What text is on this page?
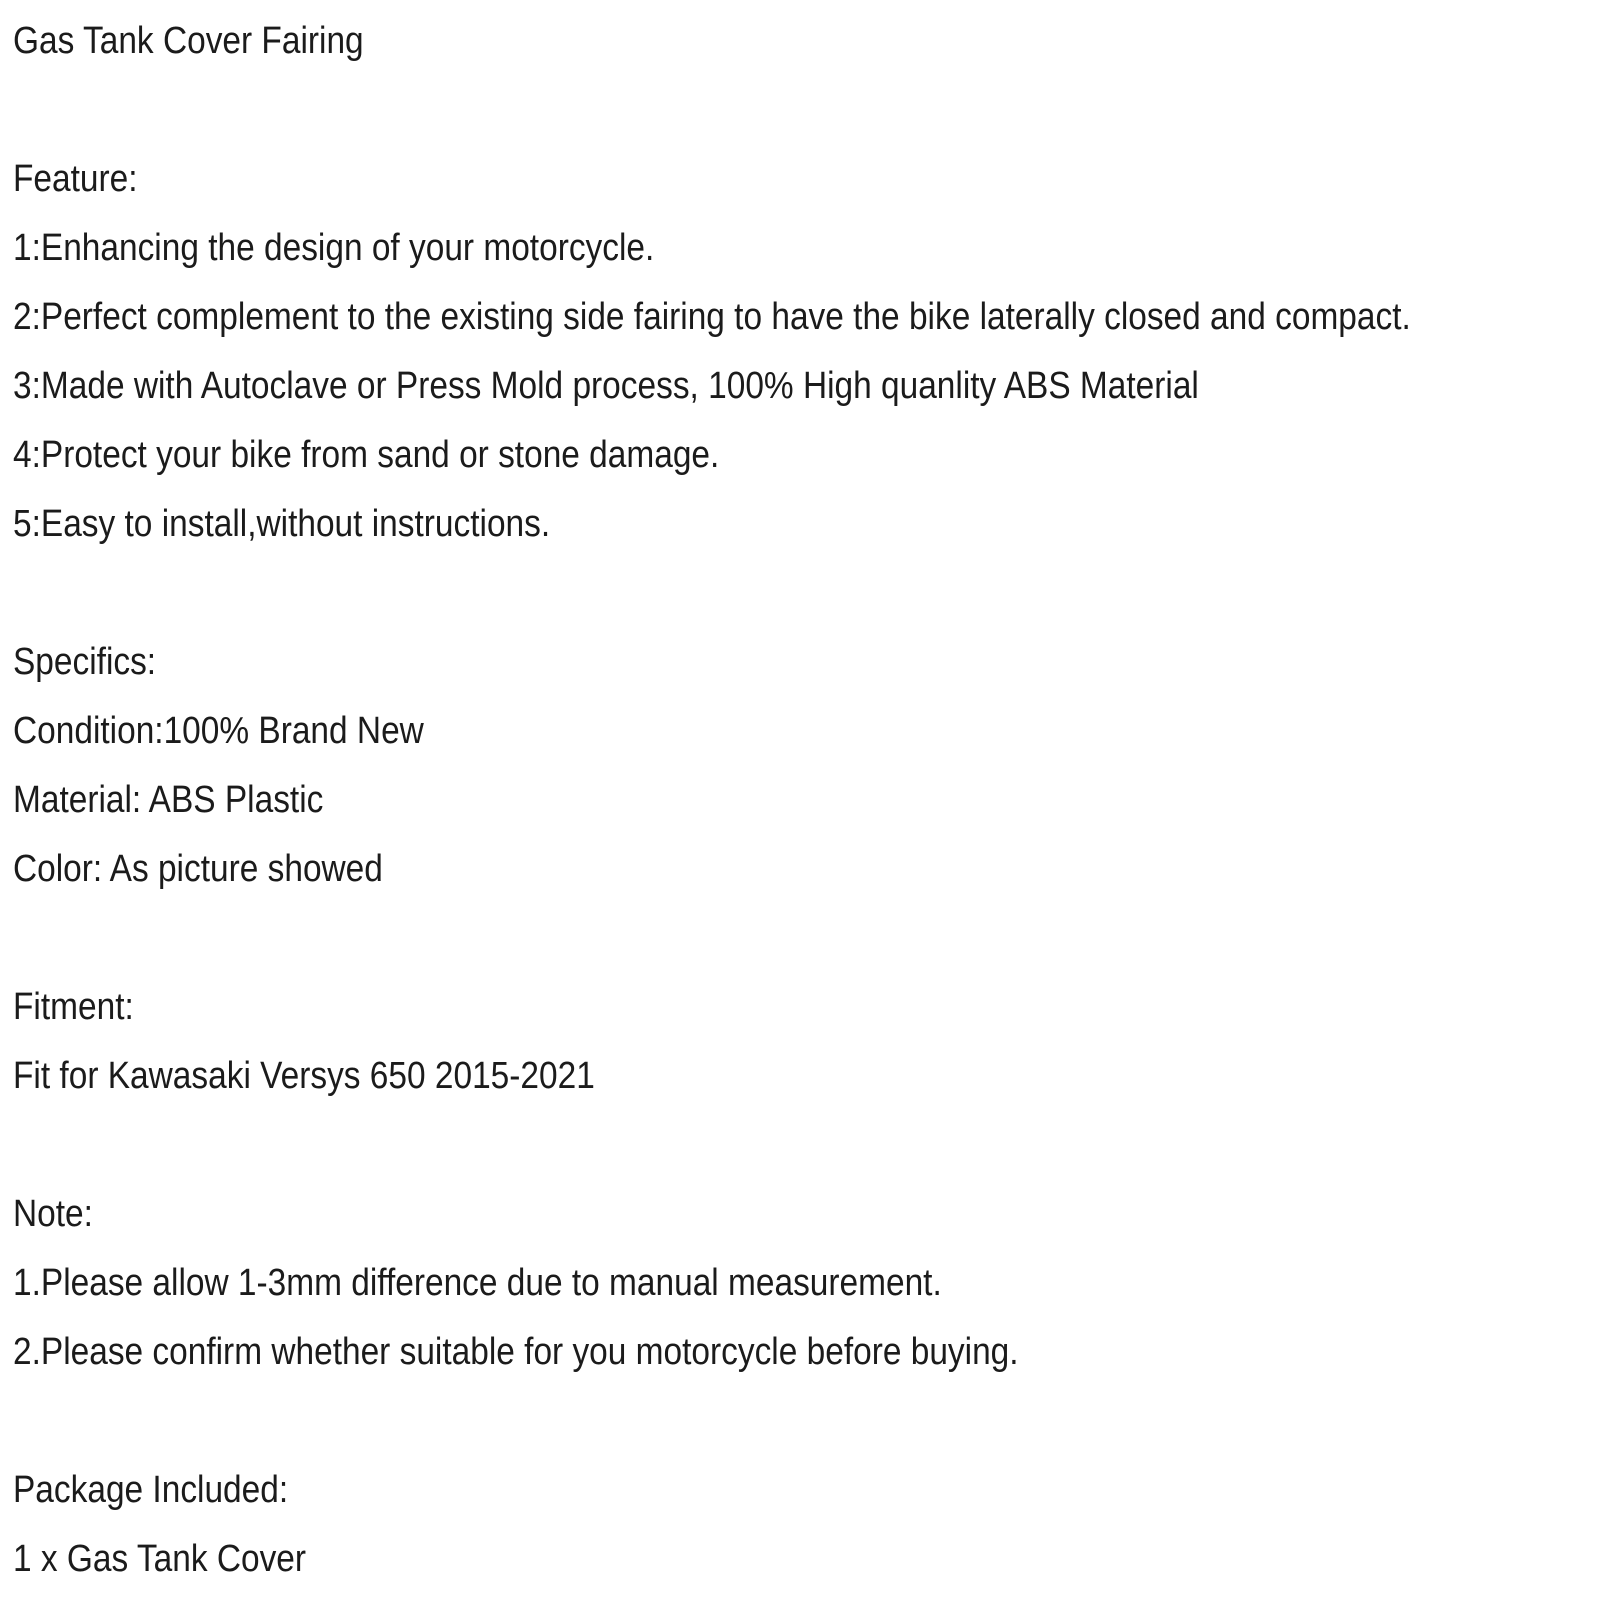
Gas Tank Cover Fairing
Feature:
1:Enhancing the design of your motorcycle.
2:Perfect complement to the existing side fairing to have the bike laterally closed and compact.
3:Made with Autoclave or Press Mold process, 100% High quanlity ABS Material
4:Protect your bike from sand or stone damage.
5:Easy to install,without instructions.
Specifics:
Condition:100% Brand New
Material: ABS Plastic
Color: As picture showed
Fitment:
Fit for Kawasaki Versys 650 2015-2021
Note:
1.Please allow 1-3mm difference due to manual measurement.
2.Please confirm whether suitable for you motorcycle before buying.
Package Included:
1 x Gas Tank Cover
